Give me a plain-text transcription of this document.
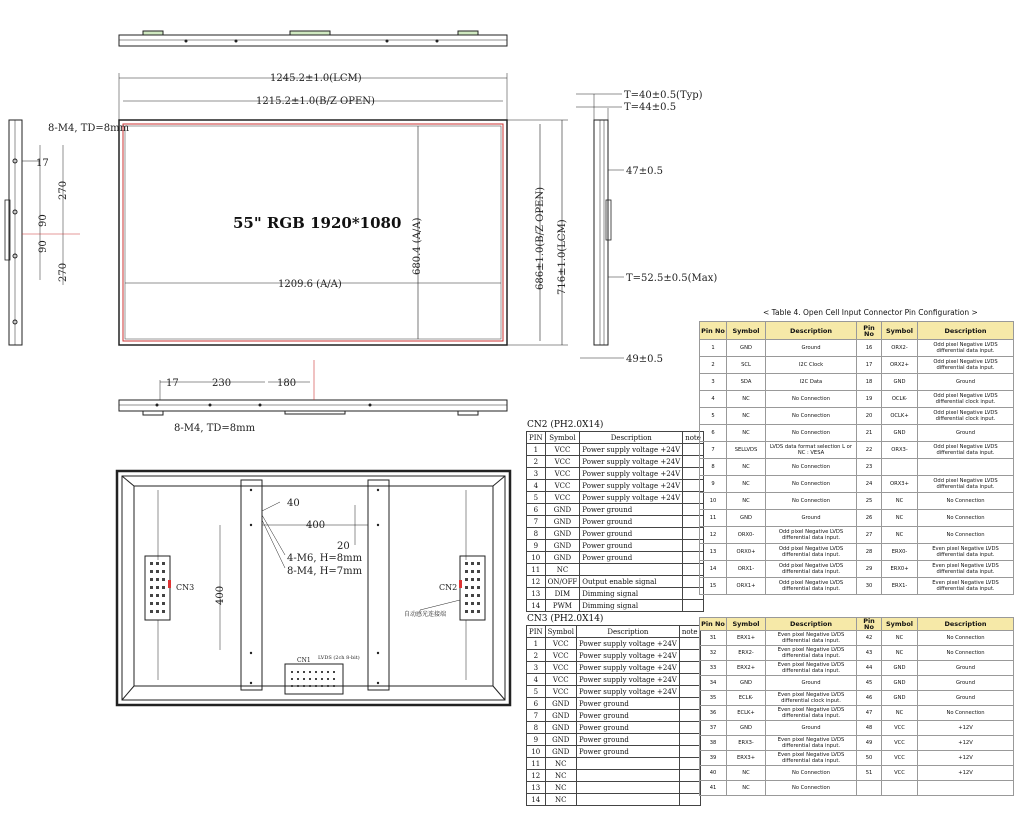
1245.2±1.0(LCM)
1215.2±1.0(B/Z OPEN)
1209.6 (A/A)
680.4 (A/A)	686±1.0(B/Z OPEN) 716±1.0(LCM)
T=40±0.5(Typ)
T=44±0.5
47±0.5
T=52.5±0.5(Max)
49±0.5
8-M4, TD=8mm
17
270
90
90
270
17	230	180
8-M4, TD=8mm
40
400
20
400
4-M6, H=8mm
8-M4, H=7mm
CN3	CN2
CN1 LVDS (2ch 8-bit)
自动感光连接端
55" RGB 1920*1080
CN2 (PH2.0X14)
PIN	Symbol	Description	note
1	VCC	Power supply voltage +24V	
2	VCC	Power supply voltage +24V	
3	VCC	Power supply voltage +24V	
4	VCC	Power supply voltage +24V	
5	VCC	Power supply voltage +24V	
6	GND	Power ground	
7	GND	Power ground	
8	GND	Power ground	
9	GND	Power ground	
10	GND	Power ground	
11	NC		
12	ON/OFF	Output enable signal	
13	DIM	Dimming signal	
14	PWM	Dimming signal	
CN3 (PH2.0X14)
PIN	Symbol	Description	note
1	VCC	Power supply voltage +24V	
2	VCC	Power supply voltage +24V	
3	VCC	Power supply voltage +24V	
4	VCC	Power supply voltage +24V	
5	VCC	Power supply voltage +24V	
6	GND	Power ground	
7	GND	Power ground	
8	GND	Power ground	
9	GND	Power ground	
10	GND	Power ground	
11	NC		
12	NC		
13	NC		
14	NC		
< Table 4. Open Cell Input Connector Pin Configuration >
Pin No	Symbol	Description	Pin No	Symbol	Description
1	GND	Ground	16	ORX2-	Odd pixel Negative LVDS differential data input.
2	SCL	I2C Clock	17	ORX2+	Odd pixel Negative LVDS differential data input.
3	SDA	I2C Data	18	GND	Ground
4	NC	No Connection	19	OCLK-	Odd pixel Negative LVDS differential clock input.
5	NC	No Connection	20	OCLK+	Odd pixel Negative LVDS differential clock input.
6	NC	No Connection	21	GND	Ground
7	SELLVDS	LVDS data format selection L or NC : VESA	22	ORX3-	Odd pixel Negative LVDS differential data input.
8	NC	No Connection	23		
9	NC	No Connection	24	ORX3+	Odd pixel Negative LVDS differential data input.
10	NC	No Connection	25	NC	No Connection
11	GND	Ground	26	NC	No Connection
12	ORX0-	Odd pixel Negative LVDS differential data input.	27	NC	No Connection
13	ORX0+	Odd pixel Negative LVDS differential data input.	28	ERX0-	Even pixel Negative LVDS differential data input.
14	ORX1-	Odd pixel Negative LVDS differential data input.	29	ERX0+	Even pixel Negative LVDS differential data input.
15	ORX1+	Odd pixel Negative LVDS differential data input.	30	ERX1-	Even pixel Negative LVDS differential data input.
Pin No	Symbol	Description	Pin No	Symbol	Description
31	ERX1+	Even pixel Negative LVDS differential data input.	42	NC	No Connection
32	ERX2-	Even pixel Negative LVDS differential data input.	43	NC	No Connection
33	ERX2+	Even pixel Negative LVDS differential data input.	44	GND	Ground
34	GND	Ground	45	GND	Ground
35	ECLK-	Even pixel Negative LVDS differential clock input.	46	GND	Ground
36	ECLK+	Even pixel Negative LVDS differential data input.	47	NC	No Connection
37	GND	Ground	48	VCC	+12V
38	ERX3-	Even pixel Negative LVDS differential data input.	49	VCC	+12V
39	ERX3+	Even pixel Negative LVDS differential data input.	50	VCC	+12V
40	NC	No Connection	51	VCC	+12V
41	NC	No Connection			
